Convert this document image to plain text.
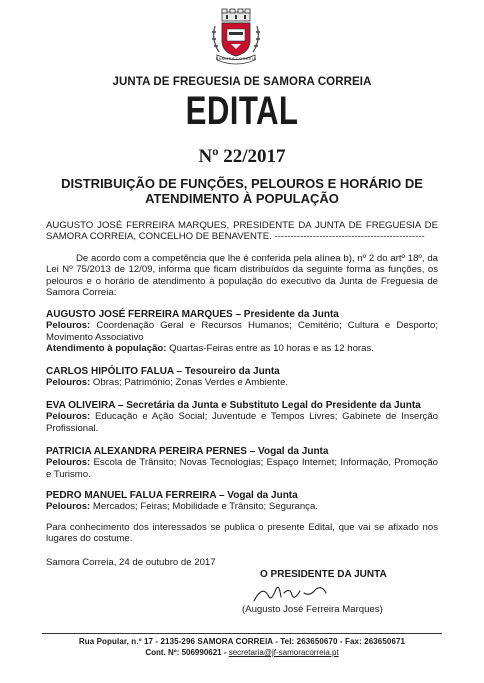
SAMORA CORREIA
JUNTA DE FREGUESIA DE SAMORA CORREIA
EDITAL
Nº 22/2017
DISTRIBUIÇÃO DE FUNÇÕES, PELOUROS E HORÁRIO DE ATENDIMENTO À POPULAÇÃO
AUGUSTO JOSÉ FERREIRA MARQUES, PRESIDENTE DA JUNTA DE FREGUESIA DE SAMORA CORREIA, CONCELHO DE BENAVENTE. -----------------------------------------------
De acordo com a competência que lhe é conferida pela alínea b), nº 2 do artº 18º, da Lei Nº 75/2013 de 12/09, informa que ficam distribuídos da seguinte forma as funções, os pelouros e o horário de atendimento à população do executivo da Junta de Freguesia de Samora Correia:
AUGUSTO JOSÉ FERREIRA MARQUES – Presidente da Junta
Pelouros: Coordenação Geral e Recursos Humanos; Cemitério; Cultura e Desporto; Movimento Associativo
Atendimento à população: Quartas-Feiras entre as 10 horas e as 12 horas.
CARLOS HIPÓLITO FALUA – Tesoureiro da Junta
Pelouros: Obras; Património; Zonas Verdes e Ambiente.
EVA OLIVEIRA – Secretária da Junta e Substituto Legal do Presidente da Junta
Pelouros: Educação e Ação Social; Juventude e Tempos Livres; Gabinete de Inserção Profissional.
PATRICIA ALEXANDRA PEREIRA PERNES – Vogal da Junta
Pelouros: Escola de Trânsito; Novas Tecnologias; Espaço Internet; Informação, Promoção e Turismo.
PEDRO MANUEL FALUA FERREIRA – Vogal da Junta
Pelouros: Mercados; Feiras; Mobilidade e Trânsito; Segurança.
Para conhecimento dos interessados se publica o presente Edital, que vai se afixado nos lugares do costume.
Samora Correia, 24 de outubro de 2017
O PRESIDENTE DA JUNTA
(Augusto José Ferreira Marques)
Rua Popular, n.º 17 - 2135-296 SAMORA CORREIA - Tel: 263650670 - Fax: 263650671
Cont. Nº: 506990621 - secretaria@jf-samoracorreia.pt
